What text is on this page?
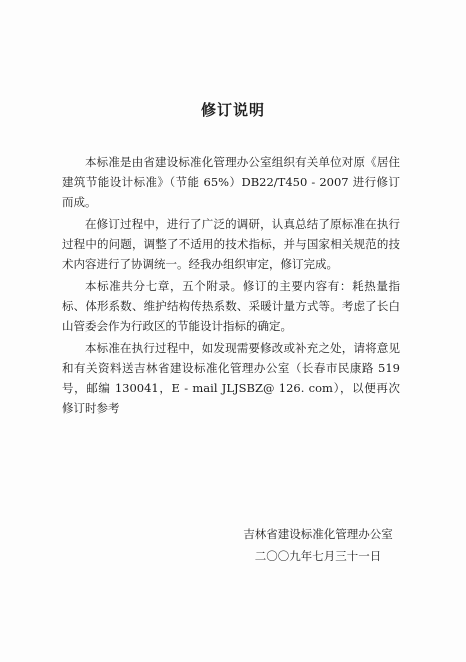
修订说明

本标准是由省建设标准化管理办公室组织有关单位对原《居住建筑节能设计标准》（节能 65%）DB22/T450 - 2007 进行修订而成。

在修订过程中，进行了广泛的调研，认真总结了原标准在执行过程中的问题，调整了不适用的技术指标，并与国家相关规范的技术内容进行了协调统一。经我办组织审定，修订完成。

本标准共分七章，五个附录。修订的主要内容有：耗热量指标、体形系数、维护结构传热系数、采暖计量方式等。考虑了长白山管委会作为行政区的节能设计指标的确定。

本标准在执行过程中，如发现需要修改或补充之处，请将意见和有关资料送吉林省建设标准化管理办公室（长春市民康路 519 号，邮编 130041，E - mail JLJSBZ@ 126. com），以便再次修订时参考

吉林省建设标准化管理办公室
二〇〇九年七月三十一日
